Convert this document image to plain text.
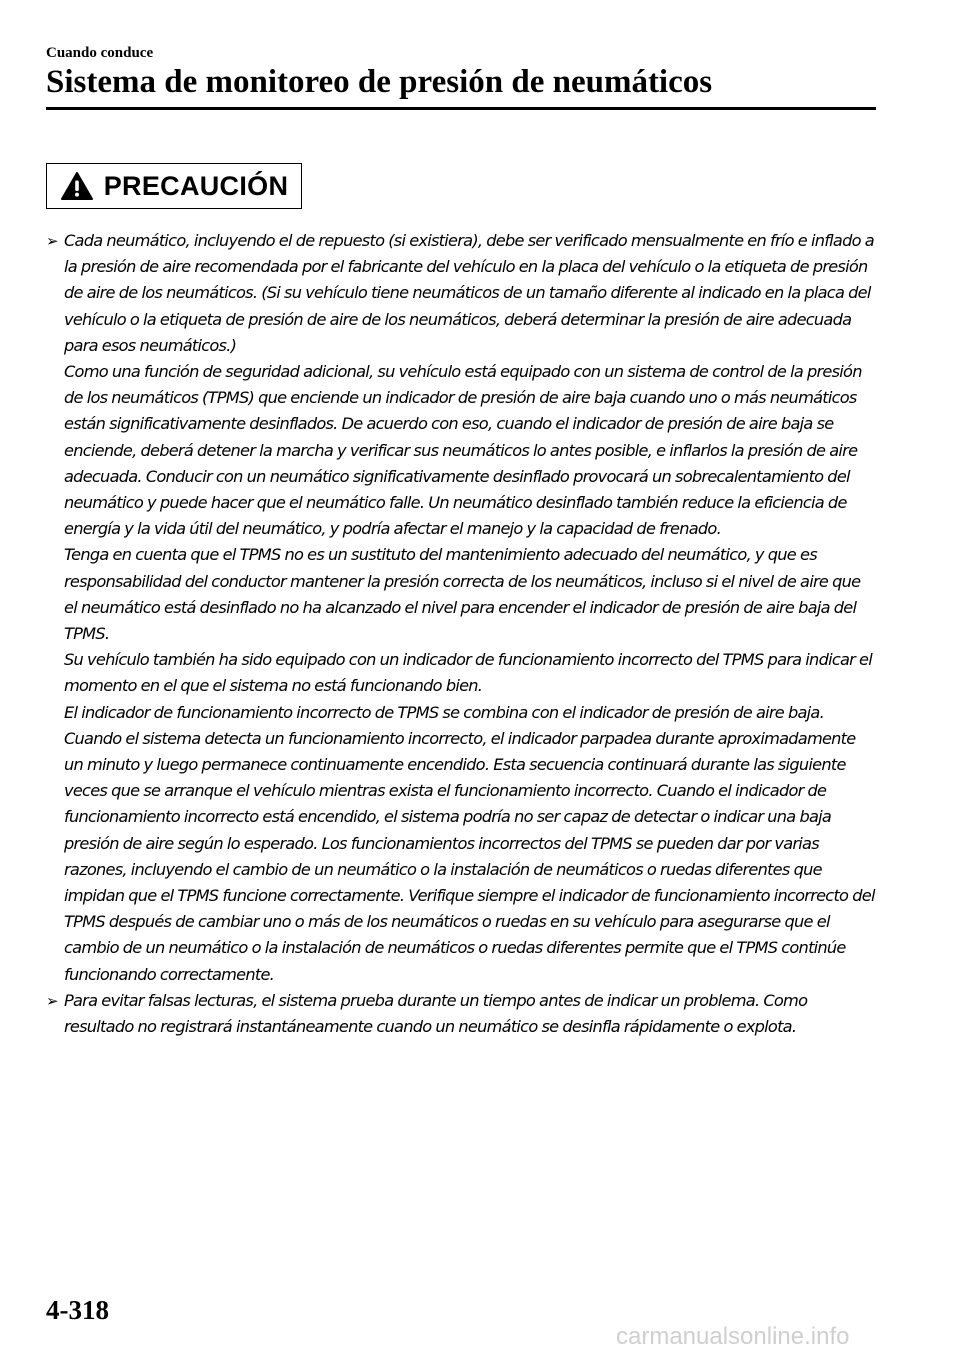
Cuando conduce
Sistema de monitoreo de presión de neumáticos
PRECAUCIÓN
➢ Cada neumático, incluyendo el de repuesto (si existiera), debe ser verificado mensualmente en frío e inflado a la presión de aire recomendada por el fabricante del vehículo en la placa del vehículo o la etiqueta de presión de aire de los neumáticos. (Si su vehículo tiene neumáticos de un tamaño diferente al indicado en la placa del vehículo o la etiqueta de presión de aire de los neumáticos, deberá determinar la presión de aire adecuada para esos neumáticos.)

Como una función de seguridad adicional, su vehículo está equipado con un sistema de control de la presión de los neumáticos (TPMS) que enciende un indicador de presión de aire baja cuando uno o más neumáticos están significativamente desinflados. De acuerdo con eso, cuando el indicador de presión de aire baja se enciende, deberá detener la marcha y verificar sus neumáticos lo antes posible, e inflarlos la presión de aire adecuada. Conducir con un neumático significativamente desinflado provocará un sobrecalentamiento del neumático y puede hacer que el neumático falle. Un neumático desinflado también reduce la eficiencia de energía y la vida útil del neumático, y podría afectar el manejo y la capacidad de frenado.

Tenga en cuenta que el TPMS no es un sustituto del mantenimiento adecuado del neumático, y que es responsabilidad del conductor mantener la presión correcta de los neumáticos, incluso si el nivel de aire que el neumático está desinflado no ha alcanzado el nivel para encender el indicador de presión de aire baja del TPMS.

Su vehículo también ha sido equipado con un indicador de funcionamiento incorrecto del TPMS para indicar el momento en el que el sistema no está funcionando bien.

El indicador de funcionamiento incorrecto de TPMS se combina con el indicador de presión de aire baja. Cuando el sistema detecta un funcionamiento incorrecto, el indicador parpadea durante aproximadamente un minuto y luego permanece continuamente encendido. Esta secuencia continuará durante las siguiente veces que se arranque el vehículo mientras exista el funcionamiento incorrecto. Cuando el indicador de funcionamiento incorrecto está encendido, el sistema podría no ser capaz de detectar o indicar una baja presión de aire según lo esperado. Los funcionamientos incorrectos del TPMS se pueden dar por varias razones, incluyendo el cambio de un neumático o la instalación de neumáticos o ruedas diferentes que impidan que el TPMS funcione correctamente. Verifique siempre el indicador de funcionamiento incorrecto del TPMS después de cambiar uno o más de los neumáticos o ruedas en su vehículo para asegurarse que el cambio de un neumático o la instalación de neumáticos o ruedas diferentes permite que el TPMS continúe funcionando correctamente.

➢ Para evitar falsas lecturas, el sistema prueba durante un tiempo antes de indicar un problema. Como resultado no registrará instantáneamente cuando un neumático se desinfla rápidamente o explota.

4-318
carmanualsonline.info
